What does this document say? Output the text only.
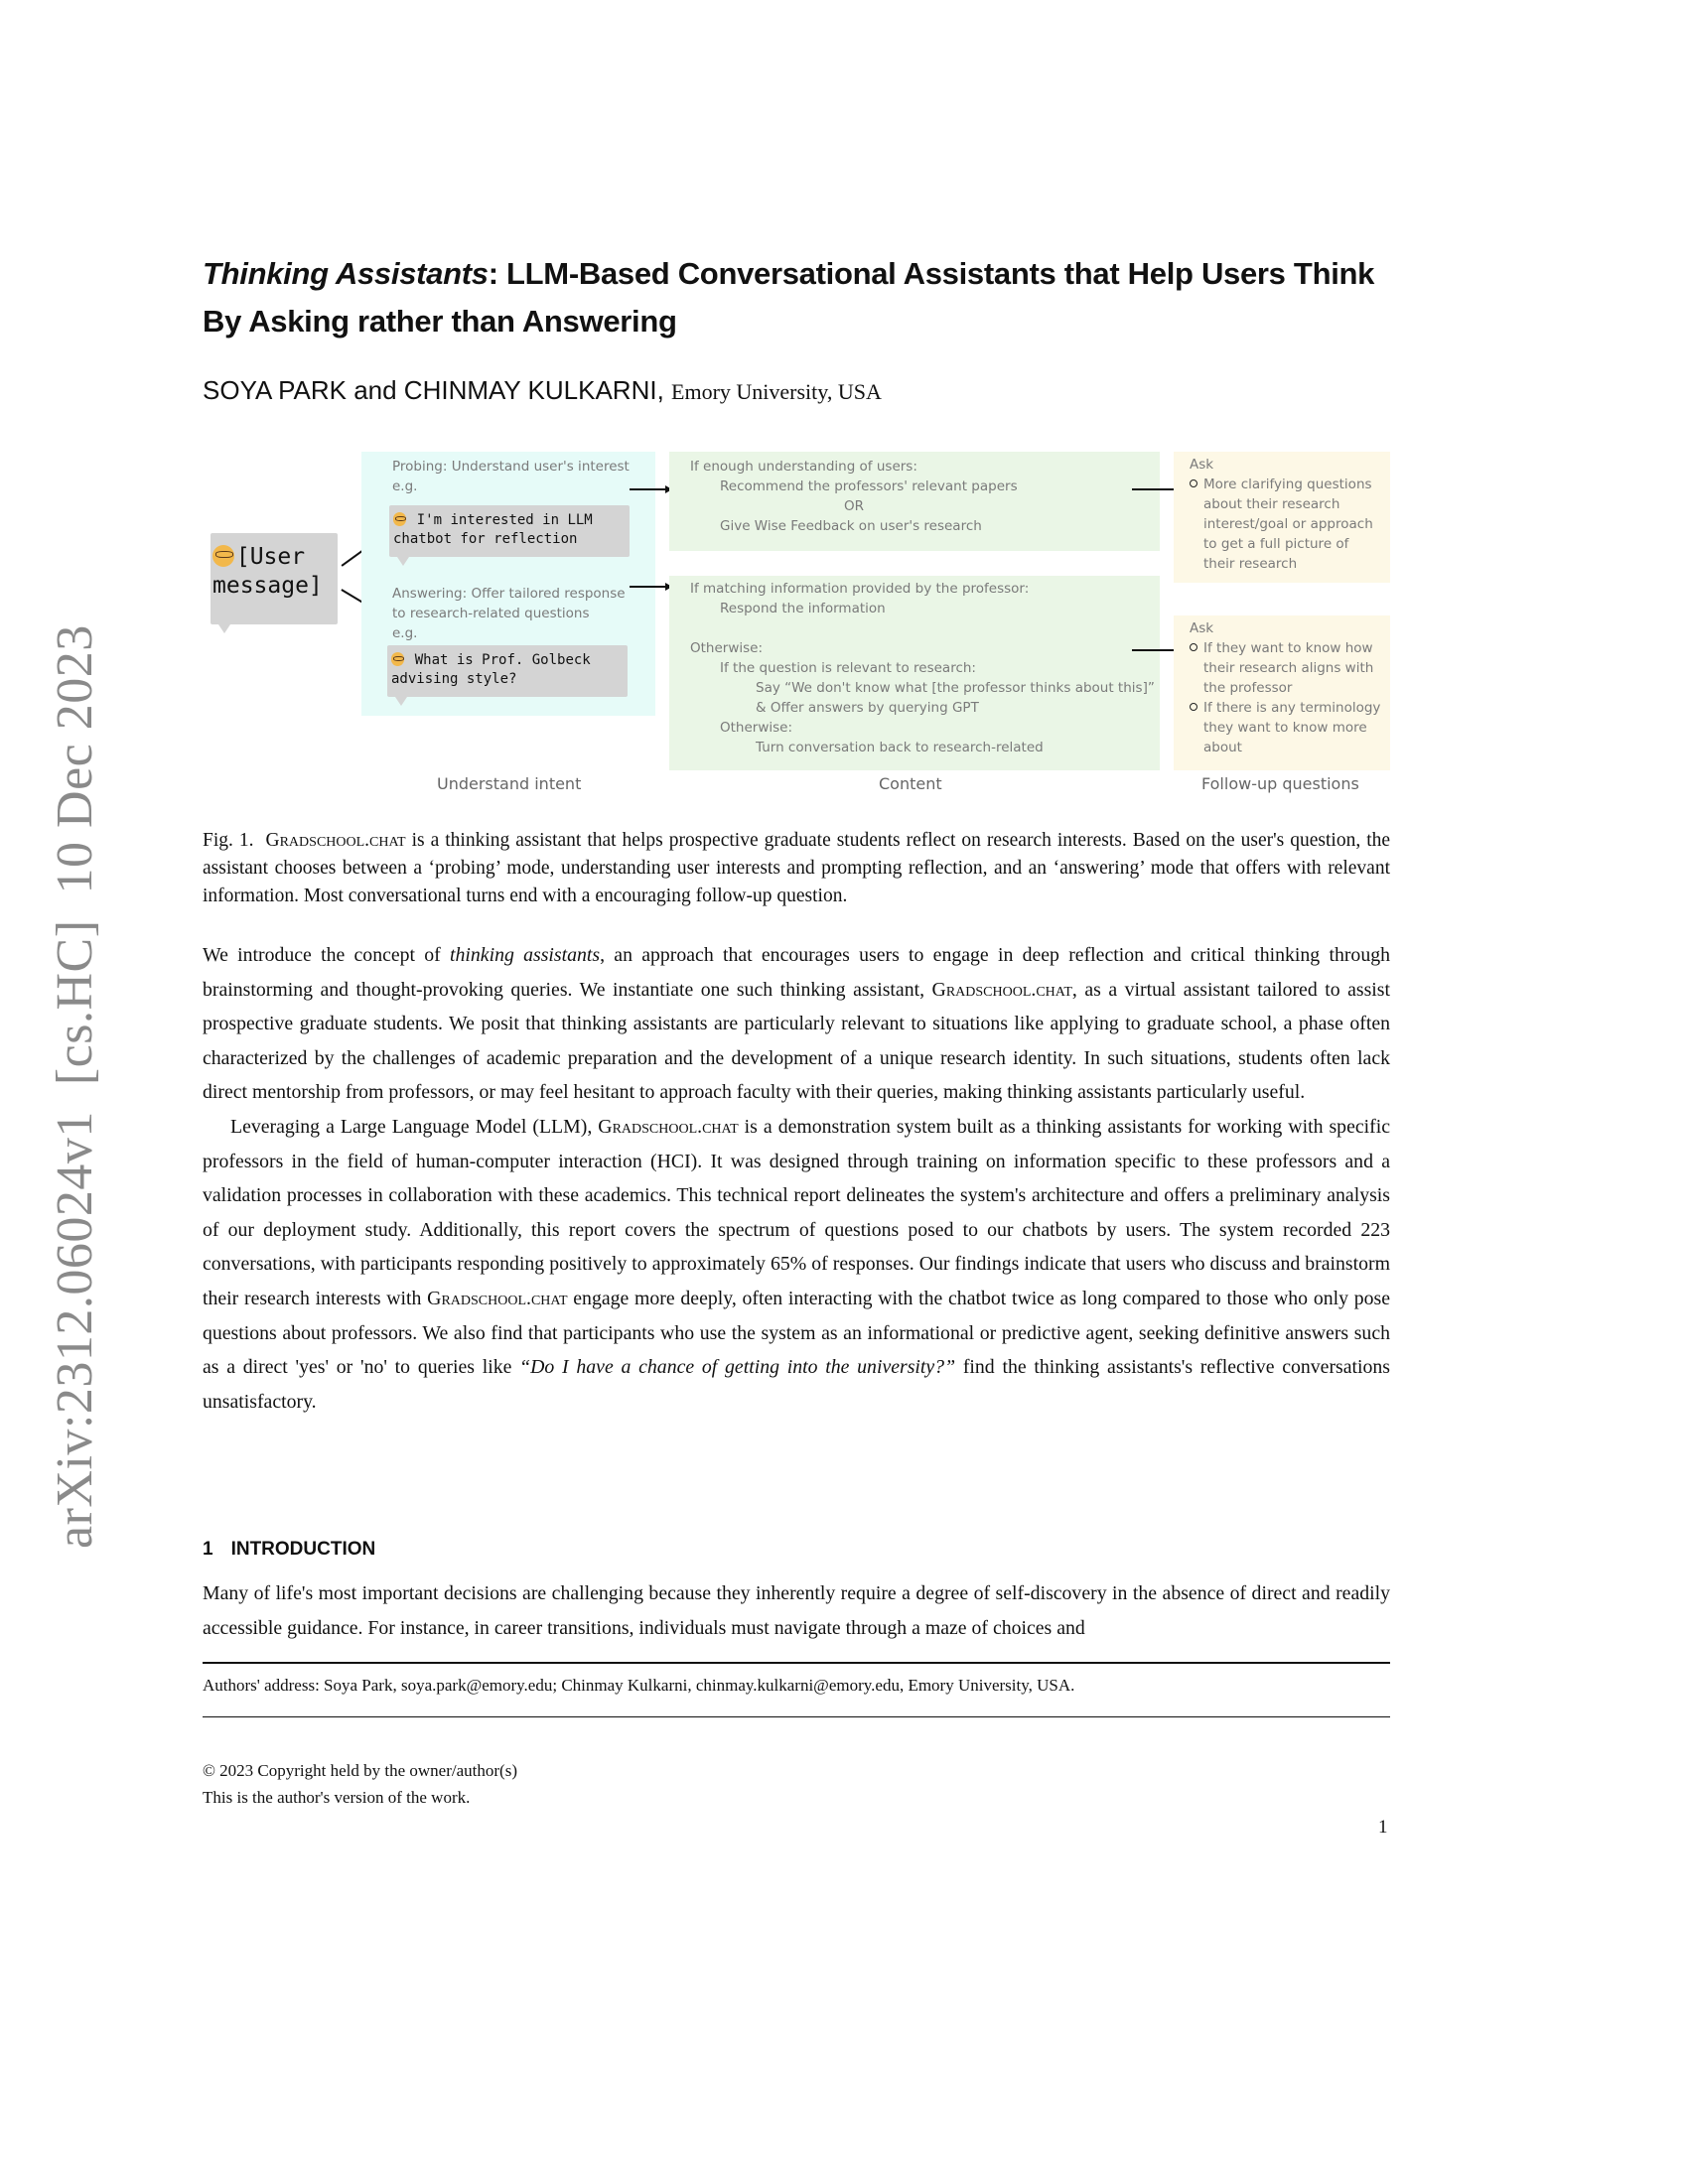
arXiv:2312.06024v1[cs.HC]10 Dec 2023
Thinking Assistants: LLM-Based Conversational Assistants that Help Users Think By Asking rather than Answering
SOYA PARK and CHINMAY KULKARNI, Emory University, USA
[User message]
Probing: Understand user's interest
e.g.
Answering: Offer tailored response
to research-related questions
e.g.
I'm interested in LLM chatbot for reflection
What is Prof. Golbeck advising style?
If enough understanding of users:
Recommend the professors' relevant papers
OR
Give Wise Feedback on user's research
If matching information provided by the professor:
Respond the information
Otherwise:
If the question is relevant to research:
Say “We don't know what [the professor thinks about this]”
& Offer answers by querying GPT
Otherwise:
Turn conversation back to research-related
Ask
More clarifying questions
about their research
interest/goal or approach
to get a full picture of
their research
Ask
If they want to know how
their research aligns with
the professor
If there is any terminology
they want to know more
about
Understand intent	Content	Follow-up questions

Fig. 1. Gradschool.chat is a thinking assistant that helps prospective graduate students reflect on research interests. Based on the user's question, the assistant chooses between a ‘probing’ mode, understanding user interests and prompting reflection, and an ‘answering’ mode that offers with relevant information. Most conversational turns end with a encouraging follow-up question.

We introduce the concept of thinking assistants, an approach that encourages users to engage in deep reflection and critical thinking through brainstorming and thought-provoking queries. We instantiate one such thinking assistant, Gradschool.chat, as a virtual assistant tailored to assist prospective graduate students. We posit that thinking assistants are particularly relevant to situations like applying to graduate school, a phase often characterized by the challenges of academic preparation and the development of a unique research identity. In such situations, students often lack direct mentorship from professors, or may feel hesitant to approach faculty with their queries, making thinking assistants particularly useful.

Leveraging a Large Language Model (LLM), Gradschool.chat is a demonstration system built as a thinking assistants for working with specific professors in the field of human-computer interaction (HCI). It was designed through training on information specific to these professors and a validation processes in collaboration with these academics. This technical report delineates the system's architecture and offers a preliminary analysis of our deployment study. Additionally, this report covers the spectrum of questions posed to our chatbots by users. The system recorded 223 conversations, with participants responding positively to approximately 65% of responses. Our findings indicate that users who discuss and brainstorm their research interests with Gradschool.chat engage more deeply, often interacting with the chatbot twice as long compared to those who only pose questions about professors. We also find that participants who use the system as an informational or predictive agent, seeking definitive answers such as a direct 'yes' or 'no' to queries like “Do I have a chance of getting into the university?” find the thinking assistants's reflective conversations unsatisfactory.

1 INTRODUCTION

Many of life's most important decisions are challenging because they inherently require a degree of self-discovery in the absence of direct and readily accessible guidance. For instance, in career transitions, individuals must navigate through a maze of choices and

Authors' address: Soya Park, soya.park@emory.edu; Chinmay Kulkarni, chinmay.kulkarni@emory.edu, Emory University, USA.
© 2023 Copyright held by the owner/author(s)
This is the author's version of the work.
1
